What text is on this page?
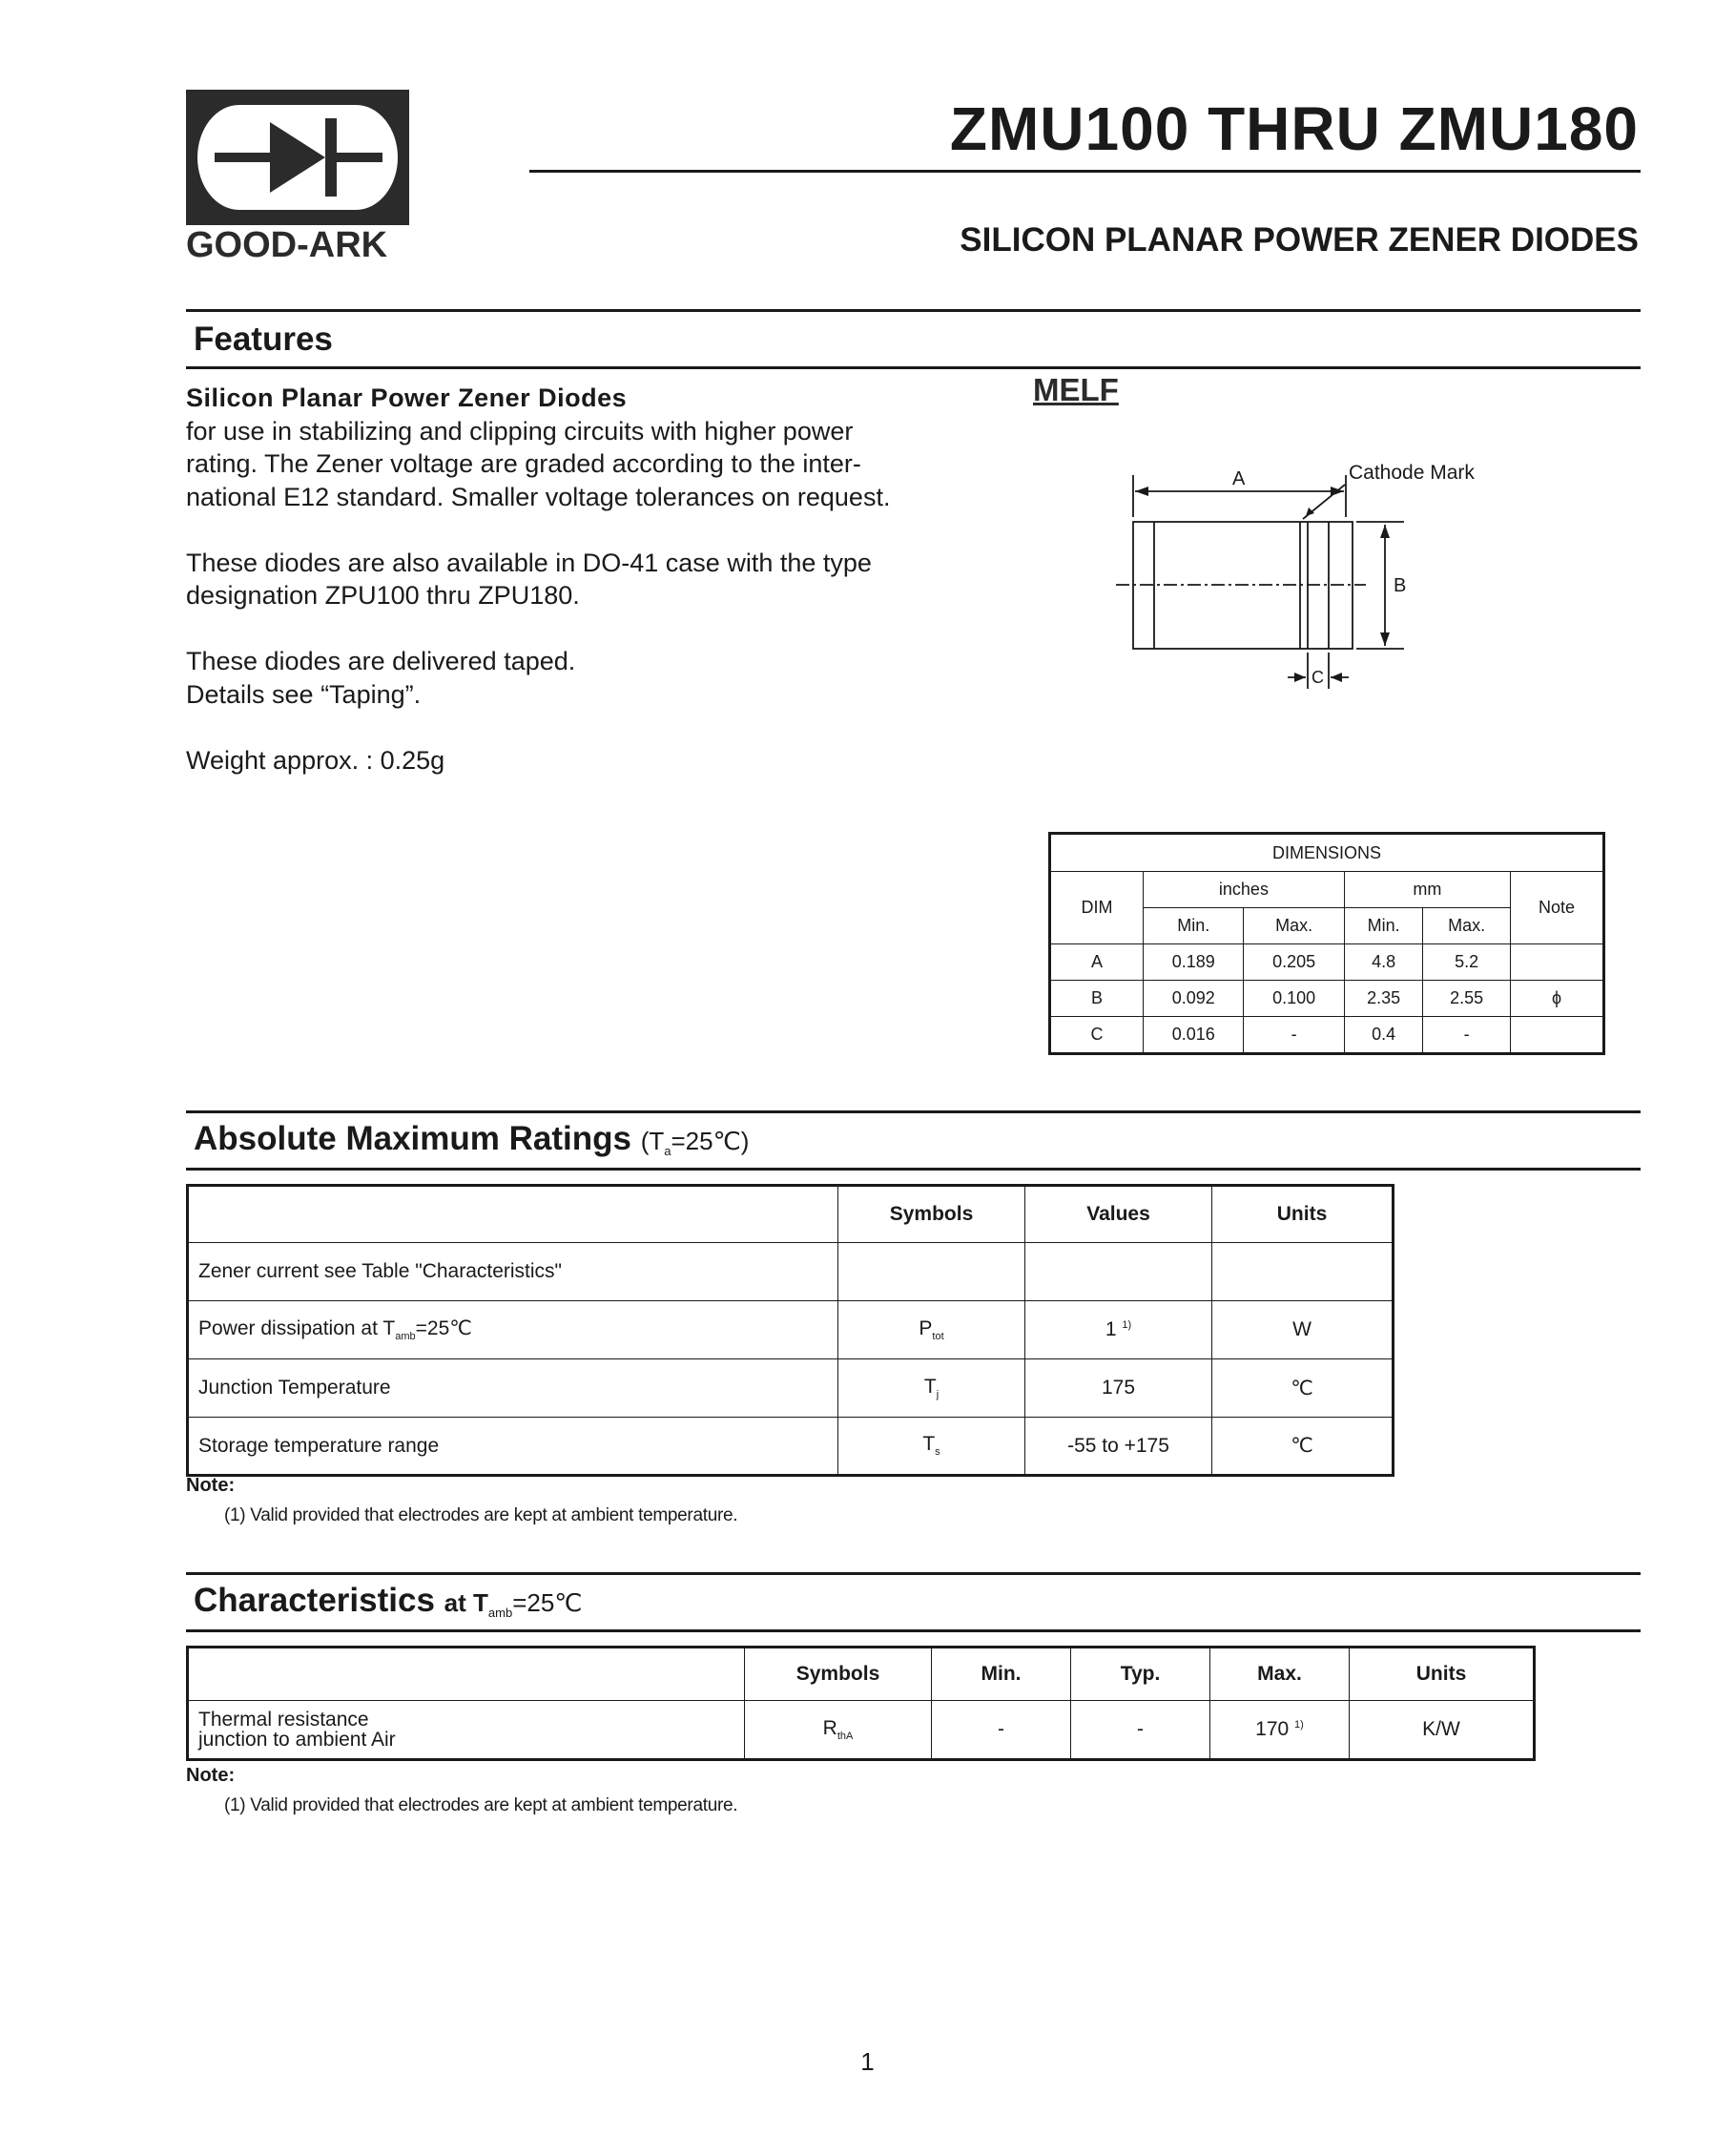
GOOD-ARK
ZMU100 THRU ZMU180
SILICON PLANAR POWER ZENER DIODES
Features

Silicon Planar Power Zener Diodes
for use in stabilizing and clipping circuits with higher power
rating. The Zener voltage are graded according to the inter-
national E12 standard. Smaller voltage tolerances on request.

These diodes are also available in DO-41 case with the type
designation ZPU100 thru ZPU180.

These diodes are delivered taped.
Details see “Taping”.

Weight approx. : 0.25g

MELF
A	Cathode Mark
B
C
DIMENSIONS					
DIM	inches		mm		Note
	Min.	Max.	Min.	Max.	
A	0.189	0.205	4.8	5.2	
B	0.092	0.100	2.35	2.55	ϕ
C	0.016	-	0.4	-	
Absolute Maximum Ratings $(T_a=25℃)$
	Symbols	Values	Units
Zener current see Table "Characteristics"			
Power dissipation at $T_{amb}=25℃$	$P_{tot}$	1 $^{1)}$	W
Junction Temperature	$T_j$	175	℃
Storage temperature range	$T_s$	-55 to +175	℃
Note:
(1) Valid provided that electrodes are kept at ambient temperature.
Characteristics at $T_{amb}=25℃$
	Symbols	Min.	Typ.	Max.	Units
Thermal resistance
junction to ambient Air	$R_{thA}$	-	-	170 $^{1)}$	K/W
Note:
(1) Valid provided that electrodes are kept at ambient temperature.
1
